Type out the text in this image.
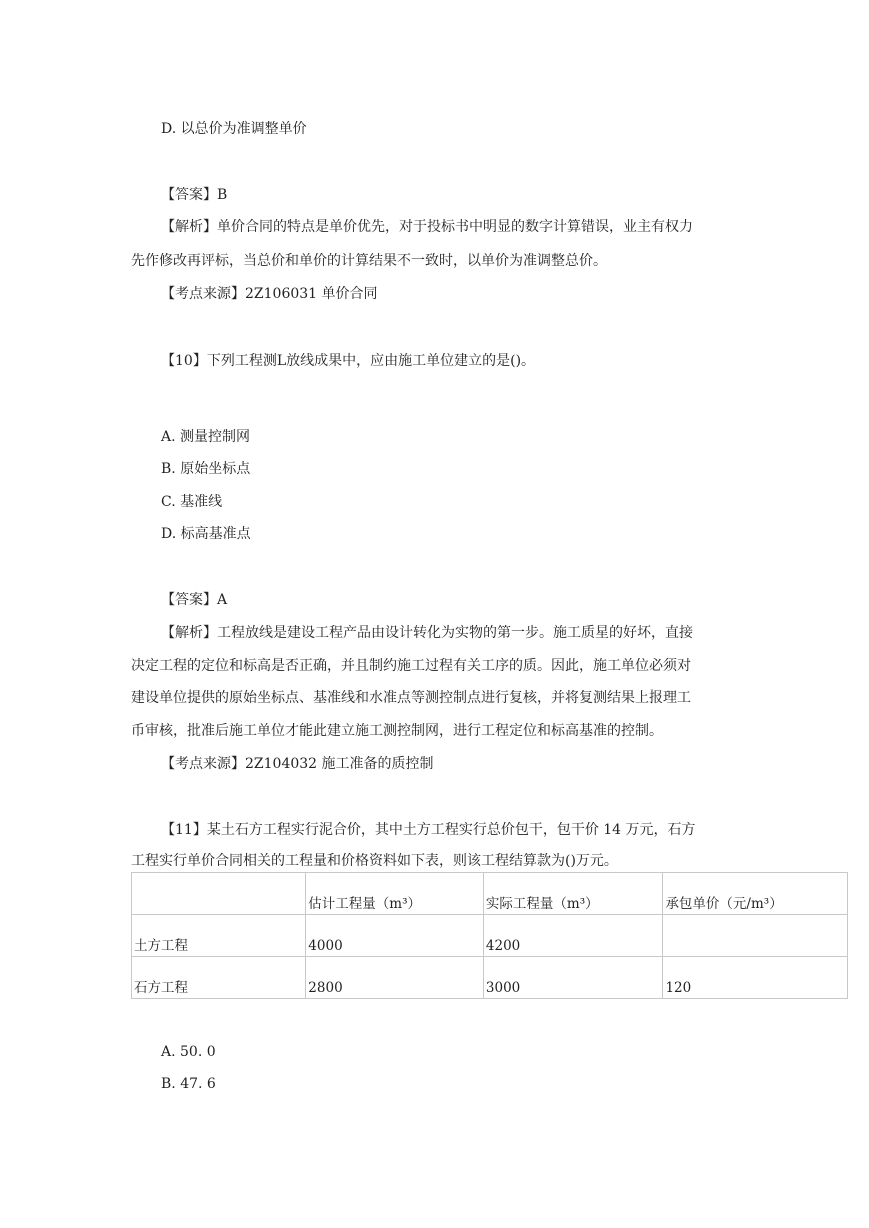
D. 以总价为准调整单价
【答案】B
【解析】单价合同的特点是单价优先，对于投标书中明显的数字计算错误，业主有权力
先作修改再评标，当总价和单价的计算结果不一致时，以单价为准调整总价。
【考点来源】2Z106031 单价合同
【10】下列工程测Ⅼ放线成果中，应由施工单位建立的是()。
A. 测量控制网
B. 原始坐标点
C. 基准线
D. 标高基准点
【答案】A
【解析】工程放线是建设工程产品由设计转化为实物的第一步。施工质星的好坏，直接
决定工程的定位和标高是否正确，并且制约施工过程有关工序的质。因此，施工单位必须对
建设单位提供的原始坐标点、基准线和水准点等测控制点进行复核，并将复测结果上报理工
币审核，批准后施工单位才能此建立施工测控制网，进行工程定位和标高基准的控制。
【考点来源】2Z104032 施工准备的质控制
【11】某土石方工程实行泥合价，其中土方工程实行总价包干，包干价 14 万元，石方
工程实行单价合同相关的工程量和价格资料如下表，则该工程结算款为()万元。
	估计工程量（m³）	实际工程量（m³）	承包单价（元/m³）
土方工程	4000	4200	
石方工程	2800	3000	120
A. 50. 0
B. 47. 6
